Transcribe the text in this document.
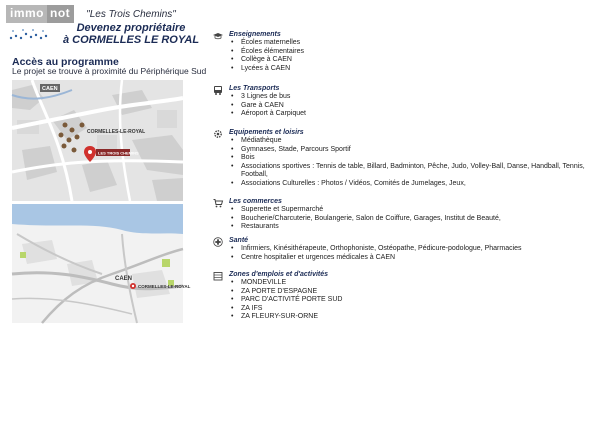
immo not	"Les Trois Chemins"
Devenez propriétaire
à CORMELLES LE ROYAL
Accès au programme
Le projet se trouve à proximité du Périphérique Sud
CAEN
CORMELLES-LE-ROYAL
LES TROIS CHEMINS
CAEN
CORMELLES-LE-ROYAL
Enseignements
• Écoles maternelles
• Écoles élémentaires
• Collège à CAEN
• Lycées à CAEN
Les Transports
• 3 Lignes de bus
• Gare à CAEN
• Aéroport à Carpiquet
Equipements et loisirs
• Médiathèque
• Gymnases, Stade, Parcours Sportif
• Bois
• Associations sportives : Tennis de table, Billard, Badminton, Pêche, Judo, Volley-Ball, Danse, Handball, Tennis, Football,
• Associations Culturelles : Photos / Vidéos, Comités de Jumelages, Jeux,
Les commerces
• Superette et Supermarché
• Boucherie/Charcuterie, Boulangerie, Salon de Coiffure, Garages, Institut de Beauté,
• Restaurants
Santé
• Infirmiers, Kinésithérapeute, Orthophoniste, Ostéopathe, Pédicure-podologue, Pharmacies
• Centre hospitalier et urgences médicales à CAEN
Zones d'emplois et d'activités
• MONDEVILLE
• ZA PORTE D'ESPAGNE
• PARC D'ACTIVITÉ PORTE SUD
• ZA IFS
• ZA FLEURY-SUR-ORNE
